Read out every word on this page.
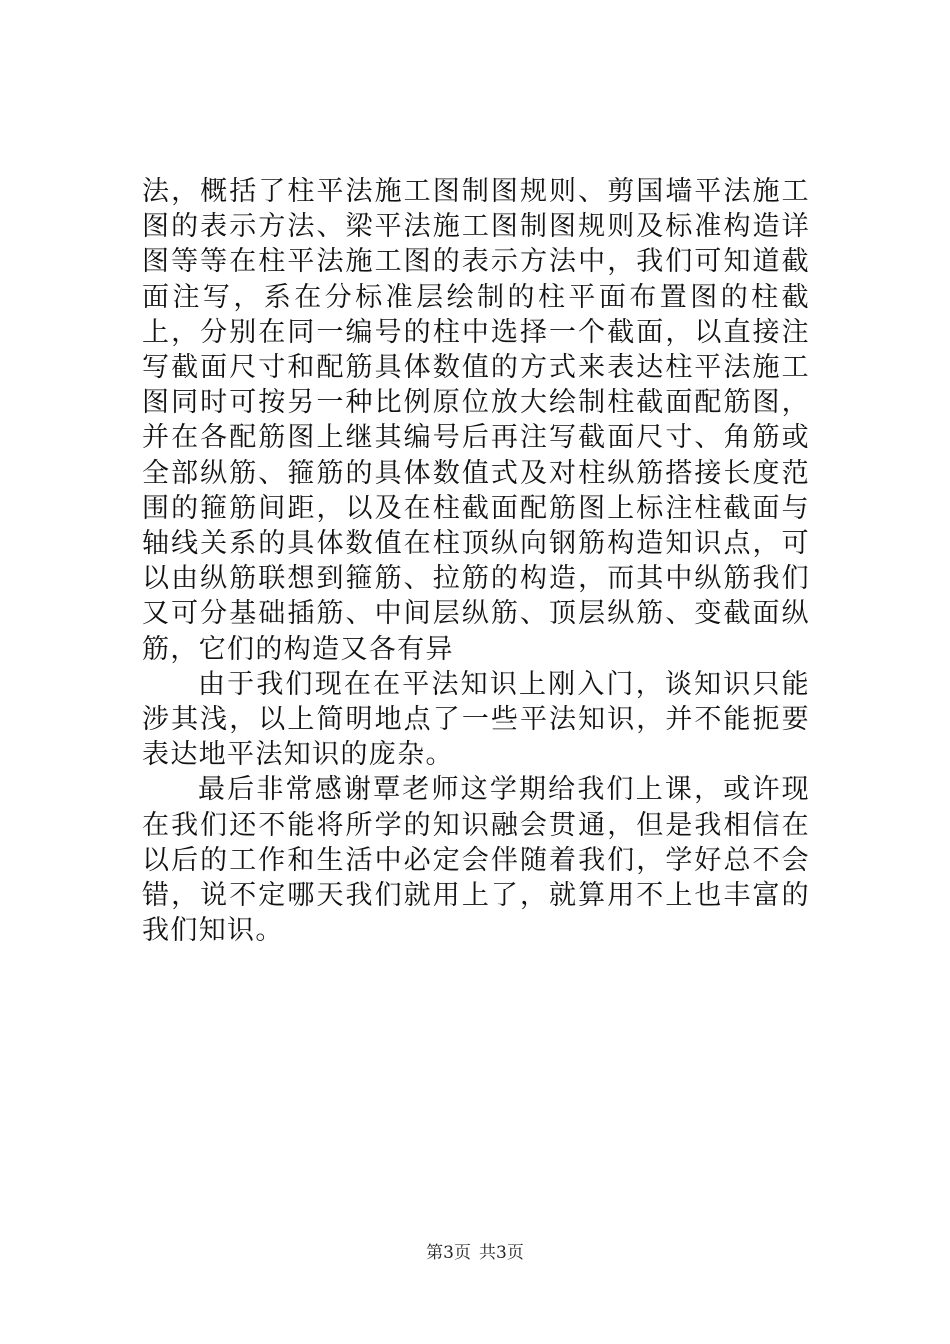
法，概括了柱平法施工图制图规则、剪国墙平法施工图的表示方法、梁平法施工图制图规则及标准构造详图等等在柱平法施工图的表示方法中，我们可知道截面注写，系在分标准层绘制的柱平面布置图的柱截上，分别在同一编号的柱中选择一个截面，以直接注写截面尺寸和配筋具体数值的方式来表达柱平法施工图同时可按另一种比例原位放大绘制柱截面配筋图，并在各配筋图上继其编号后再注写截面尺寸、角筋或全部纵筋、箍筋的具体数值式及对柱纵筋搭接长度范围的箍筋间距，以及在柱截面配筋图上标注柱截面与轴线关系的具体数值在柱顶纵向钢筋构造知识点，可以由纵筋联想到箍筋、拉筋的构造，而其中纵筋我们又可分基础插筋、中间层纵筋、顶层纵筋、变截面纵筋，它们的构造又各有异

由于我们现在在平法知识上刚入门，谈知识只能涉其浅，以上简明地点了一些平法知识，并不能扼要表达地平法知识的庞杂。

最后非常感谢覃老师这学期给我们上课，或许现在我们还不能将所学的知识融会贯通，但是我相信在以后的工作和生活中必定会伴随着我们，学好总不会错，说不定哪天我们就用上了，就算用不上也丰富的我们知识。

第3页 共3页
